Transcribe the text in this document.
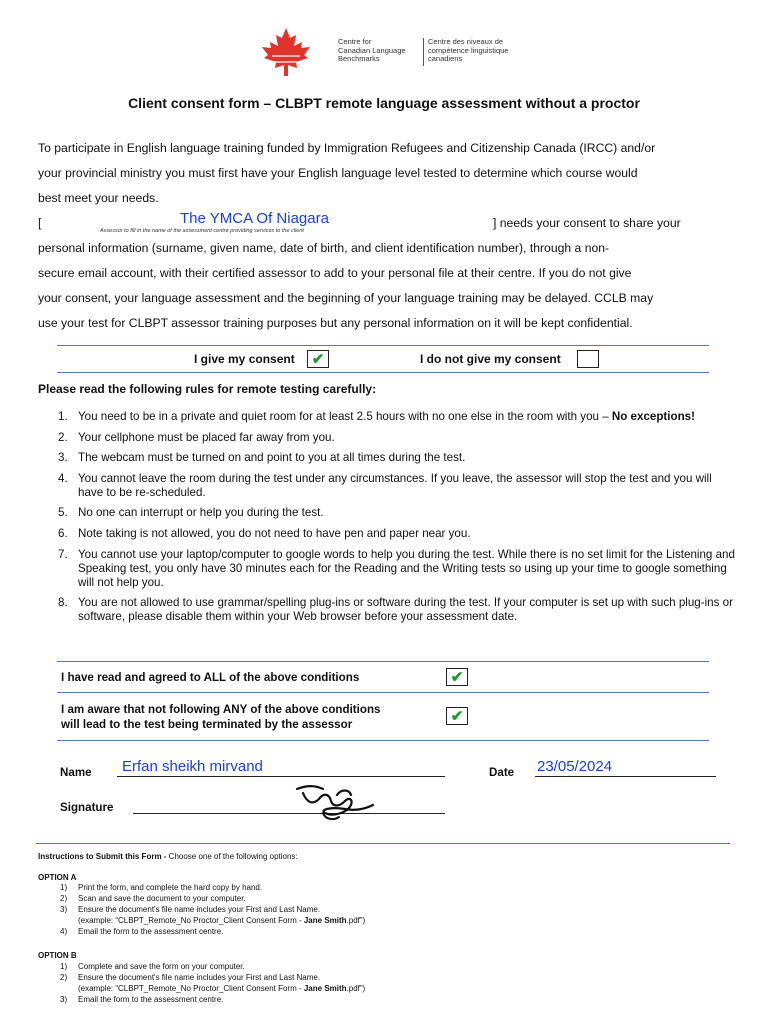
Centre for
Canadian Language
Benchmarks
Centre des niveaux de
compétence linguistique
canadiens
Client consent form – CLBPT remote language assessment without a proctor
To participate in English language training funded by Immigration Refugees and Citizenship Canada (IRCC) and/or
your provincial ministry you must first have your English language level tested to determine which course would
best meet your needs.
[	The YMCA Of Niagara
Assessor to fill in the name of the assessment centre providing services to the client
] needs your consent to share your
personal information (surname, given name, date of birth, and client identification number), through a non-
secure email account, with their certified assessor to add to your personal file at their centre. If you do not give
your consent, your language assessment and the beginning of your language training may be delayed. CCLB may
use your test for CLBPT assessor training purposes but any personal information on it will be kept confidential.
I give my consent	✔	I do not give my consent
Please read the following rules for remote testing carefully:
1. You need to be in a private and quiet room for at least 2.5 hours with no one else in the room with you – No exceptions!
2. Your cellphone must be placed far away from you.
3. The webcam must be turned on and point to you at all times during the test.
4. You cannot leave the room during the test under any circumstances. If you leave, the assessor will stop the test and you will have to be re-scheduled.
5. No one can interrupt or help you during the test.
6. Note taking is not allowed, you do not need to have pen and paper near you.
7. You cannot use your laptop/computer to google words to help you during the test. While there is no set limit for the Listening and Speaking test, you only have 30 minutes each for the Reading and the Writing tests so using up your time to google something will not help you.
8. You are not allowed to use grammar/spelling plug-ins or software during the test. If your computer is set up with such plug-ins or software, please disable them within your Web browser before your assessment date.
I have read and agreed to ALL of the above conditions	✔
I am aware that not following ANY of the above conditions
will lead to the test being terminated by the assessor	✔
Name Erfan sheikh mirvand	Date 23/05/2024
Signature
Instructions to Submit this Form - Choose one of the following options:
OPTION A
1) Print the form, and complete the hard copy by hand.
2) Scan and save the document to your computer.
3) Ensure the document's file name includes your First and Last Name.
(example: “CLBPT_Remote_No Proctor_Client Consent Form - Jane Smith.pdf”)
4) Email the form to the assessment centre.
OPTION B
1) Complete and save the form on your computer.
2) Ensure the document's file name includes your First and Last Name.
(example: “CLBPT_Remote_No Proctor_Client Consent Form - Jane Smith.pdf”)
3) Email the form to the assessment centre.
